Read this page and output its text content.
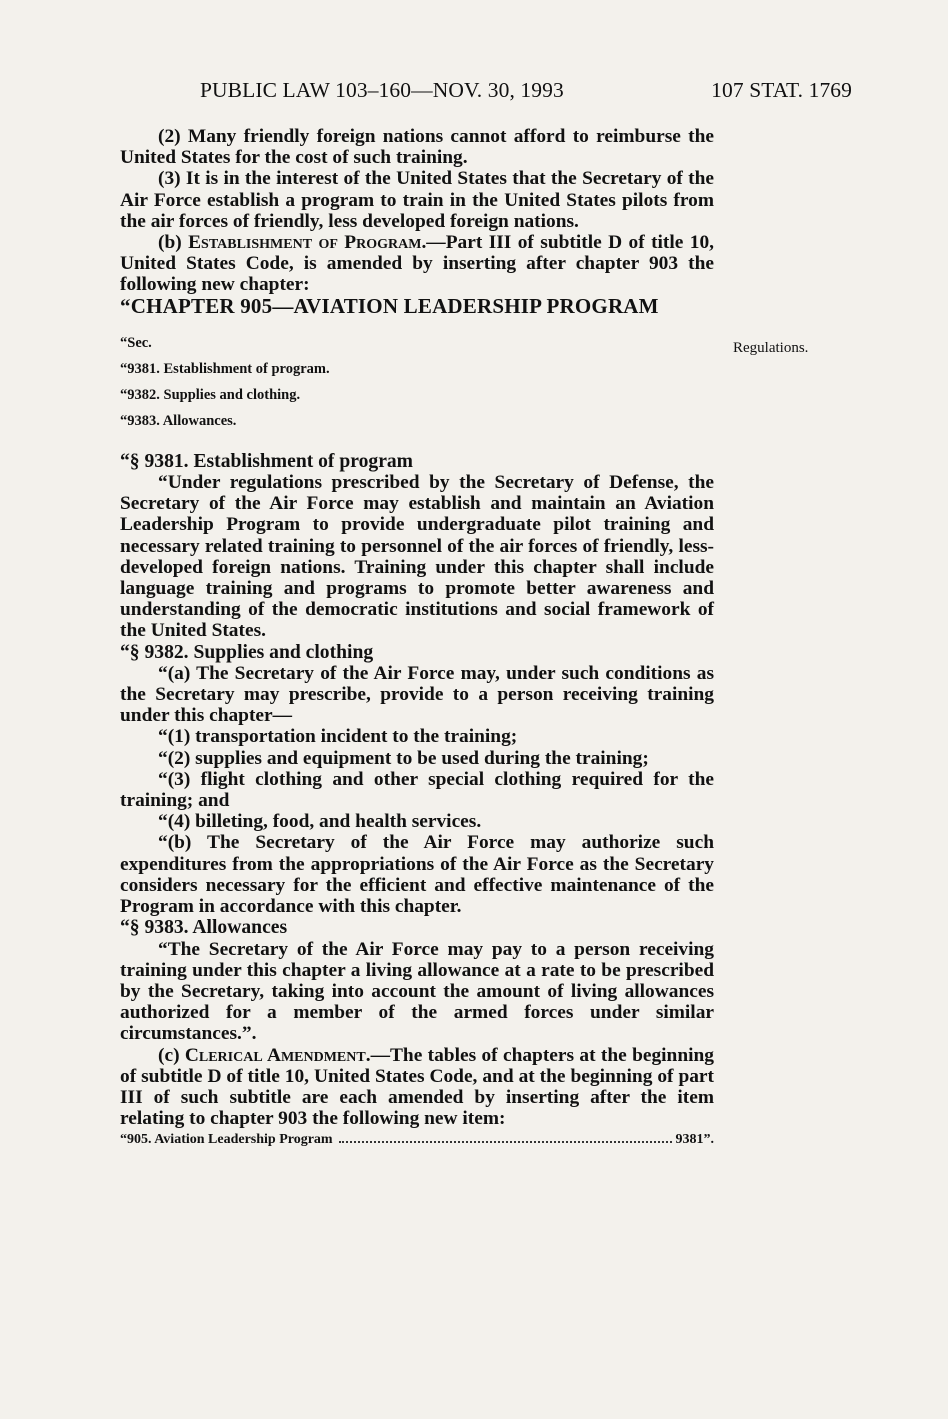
PUBLIC LAW 103–160—NOV. 30, 1993	107 STAT. 1769
Regulations.

(2) Many friendly foreign nations cannot afford to reimburse the United States for the cost of such training.

(3) It is in the interest of the United States that the Secretary of the Air Force establish a program to train in the United States pilots from the air forces of friendly, less developed foreign nations.

(b) Establishment of Program.—Part III of subtitle D of title 10, United States Code, is amended by inserting after chapter 903 the following new chapter:

“CHAPTER 905—AVIATION LEADERSHIP PROGRAM

“Sec.
“9381. Establishment of program.
“9382. Supplies and clothing.
“9383. Allowances.

“§ 9381. Establishment of program

“Under regulations prescribed by the Secretary of Defense, the Secretary of the Air Force may establish and maintain an Aviation Leadership Program to provide undergraduate pilot training and necessary related training to personnel of the air forces of friendly, less-developed foreign nations. Training under this chapter shall include language training and programs to promote better awareness and understanding of the democratic institutions and social framework of the United States.

“§ 9382. Supplies and clothing

“(a) The Secretary of the Air Force may, under such conditions as the Secretary may prescribe, provide to a person receiving training under this chapter—

“(1) transportation incident to the training;

“(2) supplies and equipment to be used during the training;

“(3) flight clothing and other special clothing required for the training; and

“(4) billeting, food, and health services.

“(b) The Secretary of the Air Force may authorize such expenditures from the appropriations of the Air Force as the Secretary considers necessary for the efficient and effective maintenance of the Program in accordance with this chapter.

“§ 9383. Allowances

“The Secretary of the Air Force may pay to a person receiving training under this chapter a living allowance at a rate to be prescribed by the Secretary, taking into account the amount of living allowances authorized for a member of the armed forces under similar circumstances.”.

(c) Clerical Amendment.—The tables of chapters at the beginning of subtitle D of title 10, United States Code, and at the beginning of part III of such subtitle are each amended by inserting after the item relating to chapter 903 the following new item:

“905. Aviation Leadership Program	9381”.
